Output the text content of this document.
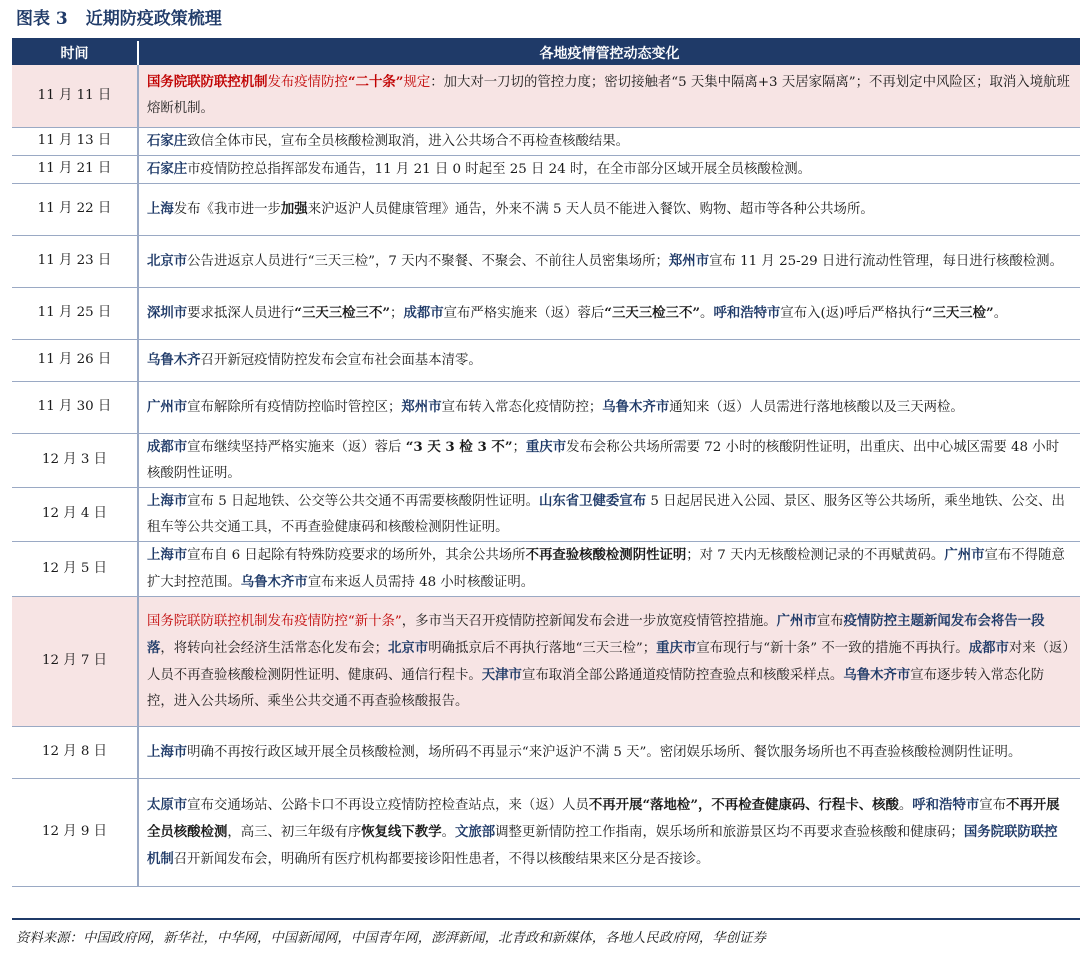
图表 3 近期防疫政策梳理
时间	各地疫情管控动态变化
11 月 11 日	国务院联防联控机制发布疫情防控“二十条”规定：加大对一刀切的管控力度；密切接触者“5 天集中隔离+3 天居家隔离”；不再划定中风险区；取消入境航班熔断机制。
11 月 13 日	石家庄致信全体市民，宣布全员核酸检测取消，进入公共场合不再检查核酸结果。
11 月 21 日	石家庄市疫情防控总指挥部发布通告，11 月 21 日 0 时起至 25 日 24 时，在全市部分区域开展全员核酸检测。
11 月 22 日	上海发布《我市进一步加强来沪返沪人员健康管理》通告，外来不满 5 天人员不能进入餐饮、购物、超市等各种公共场所。
11 月 23 日	北京市公告进返京人员进行“三天三检”，7 天内不聚餐、不聚会、不前往人员密集场所；郑州市宣布 11 月 25-29 日进行流动性管理，每日进行核酸检测。
11 月 25 日	深圳市要求抵深人员进行“三天三检三不”；成都市宣布严格实施来（返）蓉后“三天三检三不”。呼和浩特市宣布入(返)呼后严格执行“三天三检”。
11 月 26 日	乌鲁木齐召开新冠疫情防控发布会宣布社会面基本清零。
11 月 30 日	广州市宣布解除所有疫情防控临时管控区；郑州市宣布转入常态化疫情防控；乌鲁木齐市通知来（返）人员需进行落地核酸以及三天两检。
12 月 3 日	成都市宣布继续坚持严格实施来（返）蓉后 “3 天 3 检 3 不”；重庆市发布会称公共场所需要 72 小时的核酸阴性证明，出重庆、出中心城区需要 48 小时核酸阴性证明。
12 月 4 日	上海市宣布 5 日起地铁、公交等公共交通不再需要核酸阴性证明。山东省卫健委宣布 5 日起居民进入公园、景区、服务区等公共场所，乘坐地铁、公交、出租车等公共交通工具，不再查验健康码和核酸检测阴性证明。
12 月 5 日	上海市宣布自 6 日起除有特殊防疫要求的场所外，其余公共场所不再查验核酸检测阴性证明；对 7 天内无核酸检测记录的不再赋黄码。广州市宣布不得随意扩大封控范围。乌鲁木齐市宣布来返人员需持 48 小时核酸证明。
12 月 7 日	国务院联防联控机制发布疫情防控“新十条”，多市当天召开疫情防控新闻发布会进一步放宽疫情管控措施。广州市宣布疫情防控主题新闻发布会将告一段落，将转向社会经济生活常态化发布会；北京市明确抵京后不再执行落地“三天三检”；重庆市宣布现行与“新十条” 不一致的措施不再执行。成都市对来（返）人员不再查验核酸检测阴性证明、健康码、通信行程卡。天津市宣布取消全部公路通道疫情防控查验点和核酸采样点。乌鲁木齐市宣布逐步转入常态化防控，进入公共场所、乘坐公共交通不再查验核酸报告。
12 月 8 日	上海市明确不再按行政区域开展全员核酸检测，场所码不再显示“来沪返沪不满 5 天”。密闭娱乐场所、餐饮服务场所也不再查验核酸检测阴性证明。
12 月 9 日	太原市宣布交通场站、公路卡口不再设立疫情防控检查站点，来（返）人员不再开展“落地检”，不再检查健康码、行程卡、核酸。呼和浩特市宣布不再开展全员核酸检测，高三、初三年级有序恢复线下教学。文旅部调整更新情防控工作指南，娱乐场所和旅游景区均不再要求查验核酸和健康码；国务院联防联控机制召开新闻发布会，明确所有医疗机构都要接诊阳性患者，不得以核酸结果来区分是否接诊。
资料来源：中国政府网，新华社，中华网，中国新闻网，中国青年网，澎湃新闻，北青政和新媒体，各地人民政府网，华创证券
